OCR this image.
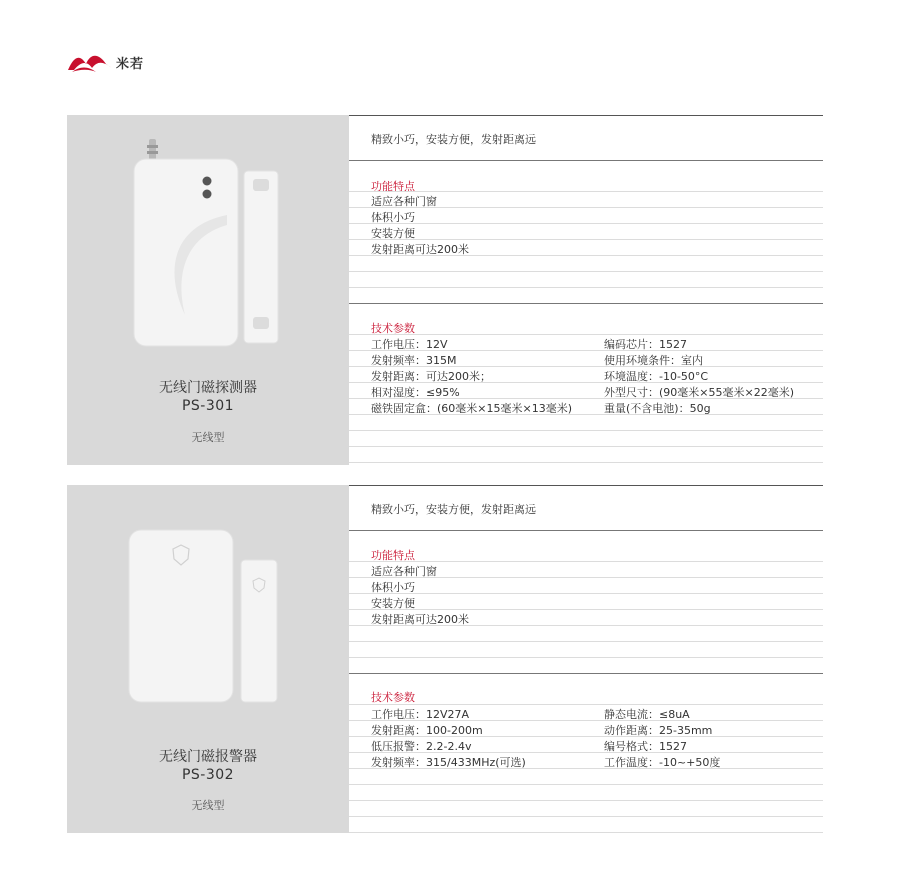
米若
无线门磁探测器
PS-301
无线型
精致小巧，安装方便，发射距离远
功能特点
适应各种门窗
体积小巧
安装方便
发射距离可达200米
技术参数
工作电压：12V	编码芯片：1527
发射频率：315M	使用环境条件：室内
发射距离：可达200米；	环境温度：-10-50°C
相对湿度：≤95%	外型尺寸：(90毫米×55毫米×22毫米)
磁铁固定盒：(60毫米×15毫米×13毫米)	重量(不含电池)：50g
无线门磁报警器
PS-302
无线型
精致小巧，安装方便，发射距离远
功能特点
适应各种门窗
体积小巧
安装方便
发射距离可达200米
技术参数
工作电压：12V27A	静态电流：≤8uA
发射距离：100-200m	动作距离：25-35mm
低压报警：2.2-2.4v	编号格式：1527
发射频率：315/433MHz(可选)	工作温度：-10~+50度
